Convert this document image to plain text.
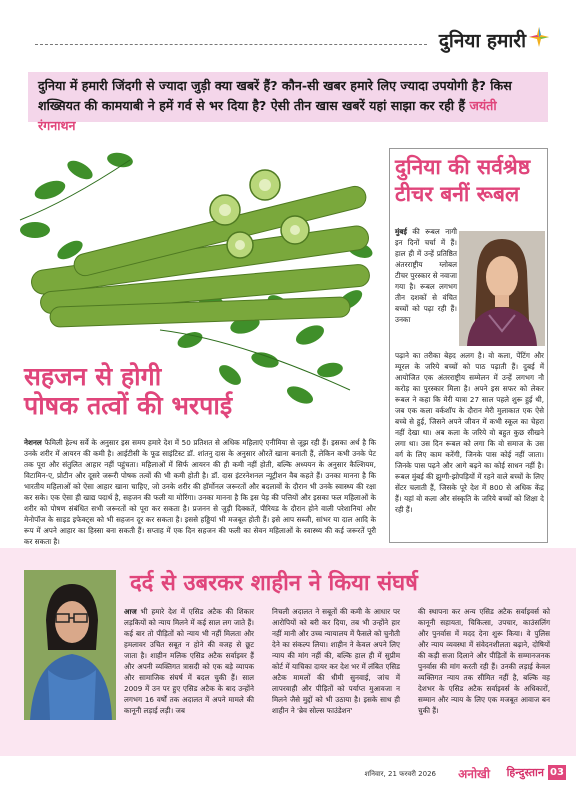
दुनिया हमारी
दुनिया में हमारी जिंदगी से ज्यादा जुड़ी क्या खबरें हैं? कौन-सी खबर हमारे लिए ज्यादा उपयोगी है? किस शख्सियत की कामयाबी ने हमें गर्व से भर दिया है? ऐसी तीन खास खबरें यहां साझा कर रही हैं जयंती रंगनाथन
सहजन से होगी
पोषक तत्वों की भरपाई
नेशनल फैमिली हेल्थ सर्वे के अनुसार इस समय हमारे देश में 50 प्रतिशत से अधिक महिलाएं एनीमिया से जूझ रही हैं। इसका अर्थ है कि उनके शरीर में आयरन की कमी है। आईटीसी के फूड साइंटिस्ट डॉ. शांतनु दास के अनुसार औरतें खाना बनाती हैं, लेकिन कभी उनके पेट तक पूरा और संतुलित आहार नहीं पहुंचता। महिलाओं में सिर्फ आयरन की ही कमी नहीं होती, बल्कि अध्ययन के अनुसार कैल्शियम, विटामिन-ए, प्रोटीन और दूसरे जरूरी पोषक तत्वों की भी कमी होती है। डॉ. दास इंटरनेशनल न्यूट्रीशन वैब कहते हैं। उनका मानना है कि भारतीय महिलाओं को ऐसा आहार खाना चाहिए, जो उनके शरीर की हॉर्मोनल जरूरतों और बदलावों के दौरान भी उनके स्वास्थ्य की रक्षा कर सके। एक ऐसा ही खाद्य पदार्थ है, सहजन की फली या मोरिंगा। उनका मानना है कि इस पेड़ की पत्तियों और इसका फल महिलाओं के शरीर को पोषण संबंधित सभी जरूरतों को पूरा कर सकता है। प्रजनन से जुड़ी दिक्कतें, पीरियड के दौरान होने वाली परेशानियां और मेनोपॉज के साइड इफेक्ट्स को भी सहजन दूर कर सकता है। इससे हड्डियां भी मजबूत होती हैं। इसे आप सब्जी, सांभर या दाल आदि के रूप में अपने आहार का हिस्सा बना सकती हैं। सप्ताह में एक दिन सहजन की फली का सेवन महिलाओं के स्वास्थ्य की कई जरूरतें पूरी कर सकता है।
दुनिया की सर्वश्रेष्ठ टीचर बनीं रूबल
मुंबई की रूबल नागी इन दिनों चर्चा में हैं। हाल ही में उन्हें प्रतिष्ठित अंतरराष्ट्रीय ग्लोबल टीचर पुरस्कार से नवाजा गया है। रूबल लगभग तीन दशकों से वंचित बच्चों को पढ़ा रही हैं। उनका
पढ़ाने का तरीका बेहद अलग है। वो कला, पेंटिंग और म्यूरल के जरिये बच्चों को पाठ पढ़ाती हैं। दुबई में आयोजित एक अंतरराष्ट्रीय सम्मेलन में उन्हें लगभग नौ करोड़ का पुरस्कार मिला है। अपने इस सफर को लेकर रूबल ने कहा कि मेरी यात्रा 27 साल पहले शुरू हुई थी, जब एक कला वर्कशॉप के दौरान मेरी मुलाकात एक ऐसे बच्चे से हुई, जिसने अपने जीवन में कभी स्कूल का चेहरा नहीं देखा था। अब कला के जरिये वो बहुत कुछ सीखने लगा था। उस दिन रूबल को लगा कि वो समाज के उस वर्ग के लिए काम करेंगी, जिनके पास कोई नहीं जाता। जिनके पास पढ़ने और आगे बढ़ने का कोई साधन नहीं है। रूबल मुंबई की झुग्गी-झोपड़ियों में रहने वाले बच्चों के लिए सेंटर चलाती हैं, जिसके पूरे देश में 800 से अधिक केंद्र हैं। यहां वो कला और संस्कृति के जरिये बच्चों को शिक्षा दे रही हैं।
दर्द से उबरकर शाहीन ने किया संघर्ष
आज भी हमारे देश में एसिड अटैक की शिकार लड़कियों को न्याय मिलने में कई साल लग जाते हैं। कई बार तो पीड़ितों को न्याय भी नहीं मिलता और हमलावर उचित सबूत न होने की वजह से छूट जाता है। शाहीन मलिक एसिड अटैक सर्वाइवर हैं और अपनी व्यक्तिगत त्रासदी को एक बड़े व्यापक और सामाजिक संघर्ष में बदल चुकी हैं। साल 2009 में उन पर हुए एसिड अटैक के बाद उन्होंने लगभग 16 वर्षों तक अदालत में अपने मामले की कानूनी लड़ाई लड़ी। जब
निचली अदालत ने सबूतों की कमी के आधार पर आरोपियों को बरी कर दिया, तब भी उन्होंने हार नहीं मानी और उच्च न्यायालय में फैसले को चुनौती देने का संकल्प लिया। शाहीन ने केवल अपने लिए न्याय की मांग नहीं की, बल्कि हाल ही में सुप्रीम कोर्ट में याचिका दायर कर देश भर में लंबित एसिड अटैक मामलों की धीमी सुनवाई, जांच में लापरवाही और पीड़ितों को पर्याप्त मुआवजा न मिलने जैसे मुद्दों को भी उठाया है। इसके साथ ही शाहीन ने 'ब्रेव सोल्स फाउंडेशन'
की स्थापना कर अन्य एसिड अटैक सर्वाइवर्स को कानूनी सहायता, चिकित्सा, उपचार, काउंसलिंग और पुनर्वास में मदद देना शुरू किया। वे पुलिस और न्याय व्यवस्था में संवेदनशीलता बढ़ाने, दोषियों की कड़ी सजा दिलाने और पीड़ितों के सम्मानजनक पुनर्वास की मांग करती रही हैं। उनकी लड़ाई केवल व्यक्तिगत न्याय तक सीमित नहीं है, बल्कि वह देशभर के एसिड अटैक सर्वाइवर्स के अधिकारों, सम्मान और न्याय के लिए एक मजबूत आवाज बन चुकी हैं।
शनिवार, 21 फरवरी 2026 अनोखी हिन्दुस्तान 03
